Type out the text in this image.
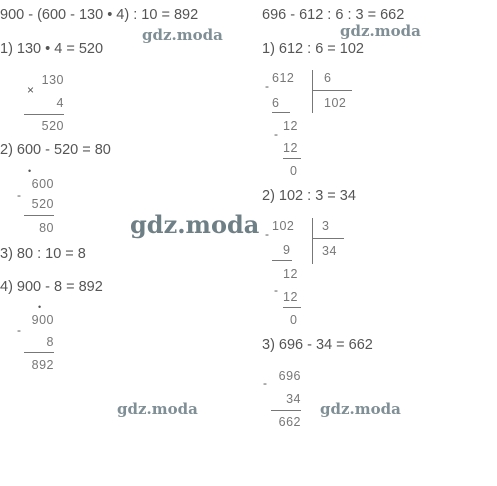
900 - (600 - 130 • 4) : 10 = 892
1) 130 • 4 = 520
×
130
4
520
2) 600 - 520 = 80
•
-
600
520
80
3) 80 : 10 = 8
4) 900 - 8 = 892
•
-
900
8
892
696 - 612 : 6 : 3 = 662
1) 612 : 6 = 102
-
612 6
102
6
-
12
12
0
2) 102 : 3 = 34
-
102 3
34
9
-
12
12
0
3) 696 - 34 = 662
- 696
34
662
gdz.moda	gdz.moda
gdz.moda
gdz.moda	gdz.moda
